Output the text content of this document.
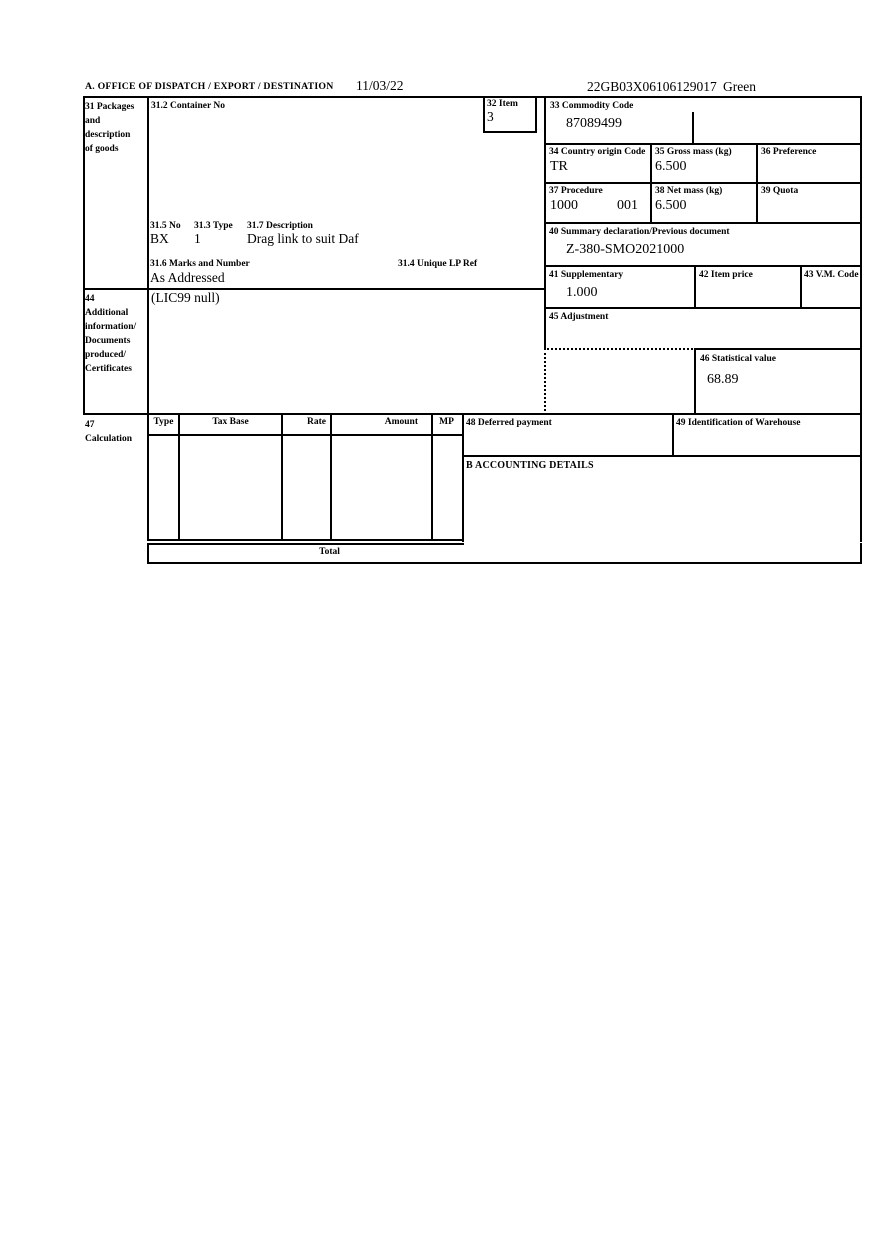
A. OFFICE OF DISPATCH / EXPORT / DESTINATION 11/03/22	22GB03X06106129017 Green
31 Packages
and
description
of goods
31.2 Container No	32 Item
3
31.5 No 31.3 Type 31.7 Description
BX 1	Drag link to suit Daf
31.6 Marks and Number	31.4 Unique LP Ref
As Addressed
33 Commodity Code
87089499
34 Country origin Code
TR
35 Gross mass (kg)
6.500
36 Preference
37 Procedure
1000	001
38 Net mass (kg)
6.500
39 Quota
40 Summary declaration/Previous document
Z-380-SMO2021000
41 Supplementary
1.000
42 Item price	43 V.M. Code
45 Adjustment
46 Statistical value
68.89
44
Additional
information/
Documents
produced/
Certificates
(LIC99 null)
47
Calculation
Type	Tax Base	Rate	Amount	MP
Total
48 Deferred payment	49 Identification of Warehouse
B ACCOUNTING DETAILS
